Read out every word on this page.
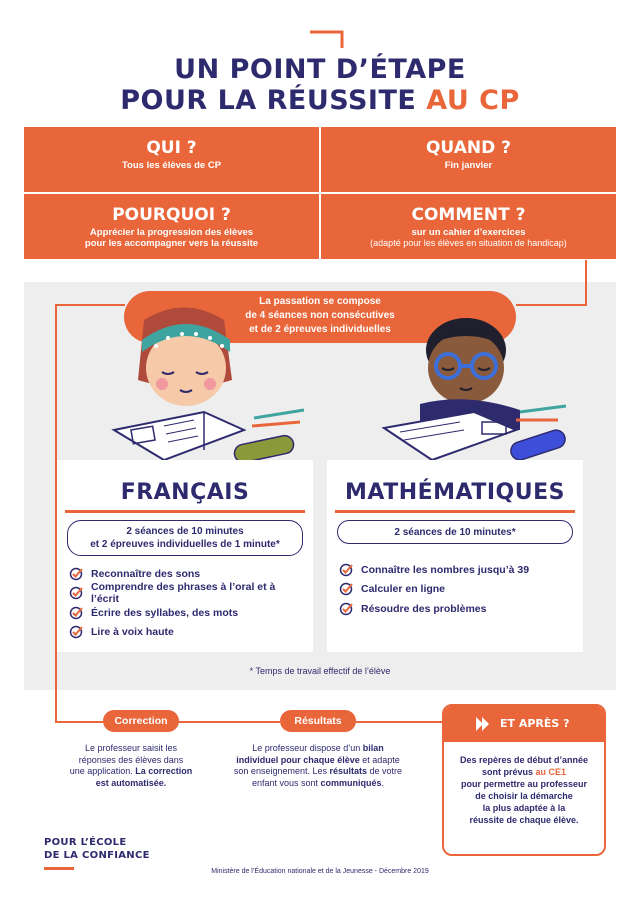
UN POINT D’ÉTAPE
POUR LA RÉUSSITE AU CP
QUI ?
Tous les élèves de CP
QUAND ?
Fin janvier
POURQUOI ?
Apprécier la progression des élèves
pour les accompagner vers la réussite
COMMENT ?
sur un cahier d’exercices
(adapté pour les élèves en situation de handicap)
La passation se compose
de 4 séances non consécutives
et de 2 épreuves individuelles
FRANÇAIS
2 séances de 10 minutes
et 2 épreuves individuelles de 1 minute*
Reconnaître des sons
Comprendre des phrases à l’oral et à l’écrit
Écrire des syllabes, des mots
Lire à voix haute
MATHÉMATIQUES
2 séances de 10 minutes*
Connaître les nombres jusqu’à 39
Calculer en ligne
Résoudre des problèmes
* Temps de travail effectif de l’élève
Correction	Résultats
Le professeur saisit les
réponses des élèves dans
une application. La correction
est automatisée.
Le professeur dispose d’un bilan
individuel pour chaque élève et adapte
son enseignement. Les résultats de votre
enfant vous sont communiqués.
ET APRÈS ?
Des repères de début d’année
sont prévus au CE1
pour permettre au professeur
de choisir la démarche
la plus adaptée à la
réussite de chaque élève.
POUR L’ÉCOLE
DE LA CONFIANCE
Ministère de l’Éducation nationale et de la Jeunesse - Décembre 2019
